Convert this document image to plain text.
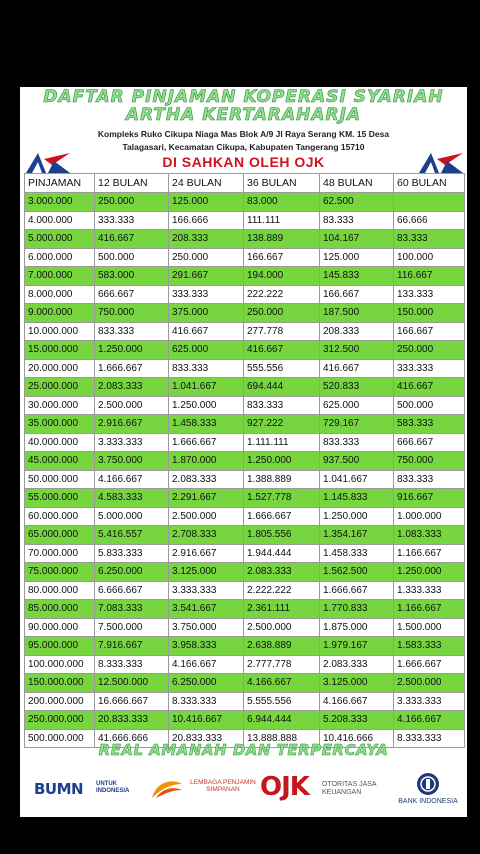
DAFTAR PINJAMAN KOPERASI SYARIAH
ARTHA KERTARAHARJA
Kompleks Ruko Cikupa Niaga Mas Blok A/9 Jl Raya Serang KM. 15 Desa
Talagasari, Kecamatan Cikupa, Kabupaten Tangerang 15710
DI SAHKAN OLEH OJK
PINJAMAN	12 BULAN	24 BULAN	36 BULAN	48 BULAN	60 BULAN
3.000.000	250.000	125.000	83.000	62.500	
4.000.000	333.333	166.666	111.111	83.333	66.666
5.000.000	416.667	208.333	138.889	104.167	83.333
6.000.000	500.000	250.000	166.667	125.000	100.000
7.000.000	583.000	291.667	194.000	145.833	116.667
8.000.000	666.667	333.333	222.222	166.667	133.333
9.000.000	750.000	375.000	250.000	187.500	150.000
10.000.000	833.333	416.667	277.778	208.333	166.667
15.000.000	1.250.000	625.000	416.667	312.500	250.000
20.000.000	1.666.667	833.333	555.556	416.667	333.333
25.000.000	2.083.333	1.041.667	694.444	520.833	416.667
30.000.000	2.500.000	1.250.000	833.333	625.000	500.000
35.000.000	2.916.667	1.458.333	927.222	729.167	583.333
40.000.000	3.333.333	1.666.667	1.111.111	833.333	666.667
45.000.000	3.750.000	1.870.000	1.250.000	937.500	750.000
50.000.000	4.166.667	2.083.333	1.388.889	1.041.667	833.333
55.000.000	4.583.333	2.291.667	1.527.778	1.145.833	916.667
60.000.000	5.000.000	2.500.000	1.666.667	1.250.000	1.000.000
65.000.000	5.416.557	2.708.333	1.805.556	1.354.167	1.083.333
70.000.000	5.833.333	2.916.667	1.944.444	1.458.333	1.166.667
75.000.000	6.250.000	3.125.000	2.083.333	1.562.500	1.250.000
80.000.000	6.666.667	3.333.333	2.222.222	1.666.667	1.333.333
85.000.000	7.083.333	3.541.667	2.361.111	1.770.833	1.166.667
90.000.000	7.500.000	3.750.000	2.500.000	1.875.000	1.500.000
95.000.000	7.916.667	3.958.333	2.638.889	1.979.167	1.583.333
100.000.000	8.333.333	4.166.667	2.777.778	2.083.333	1.666.667
150.000.000	12.500.000	6.250.000	4.166.667	3.125.000	2.500.000
200.000.000	16.666.667	8.333.333	5.555.556	4.166.667	3.333.333
250.000.000	20.833.333	10.416.667	6.944.444	5.208.333	4.166.667
500.000.000	41.666.666	20.833.333	13.888.888	10.416.666	8.333.333
REAL AMANAH DAN TERPERCAYA
BUMN UNTUK INDONESIA
LEMBAGA PENJAMIN SIMPANAN OJK OTORITAS JASA KEUANGAN
BANK INDONESIA
